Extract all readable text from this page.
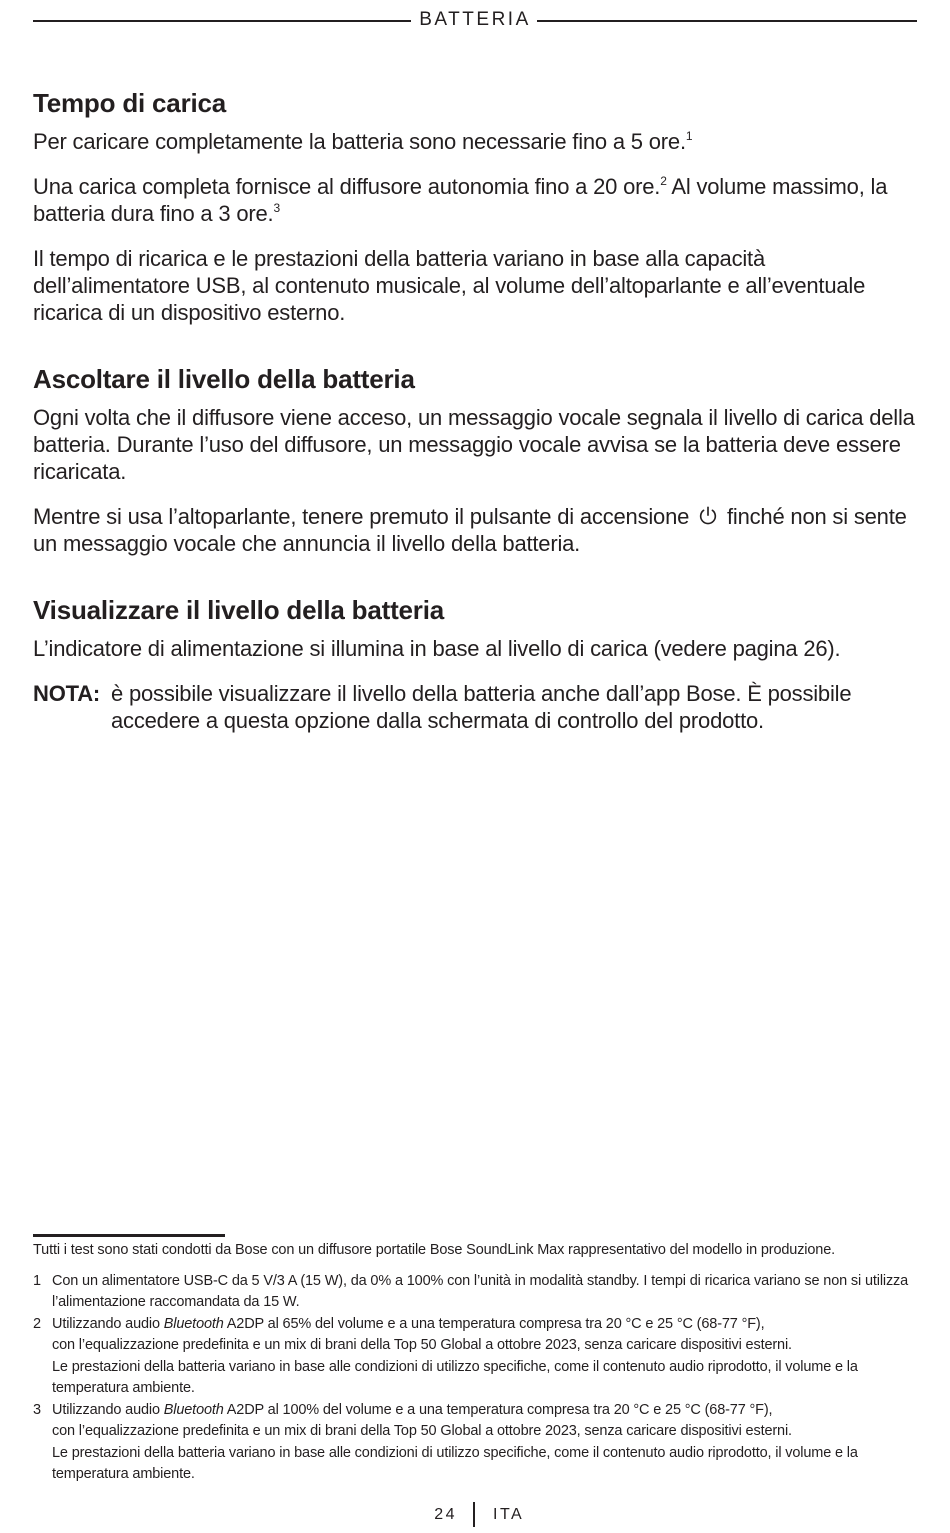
BATTERIA
Tempo di carica

Per caricare completamente la batteria sono necessarie fino a 5 ore.$^1$

Una carica completa fornisce al diffusore autonomia fino a 20 ore.$^2$ Al volume massimo, la batteria dura fino a 3 ore.$^3$

Il tempo di ricarica e le prestazioni della batteria variano in base alla capacità dell’alimentatore USB, al contenuto musicale, al volume dell’altoparlante e all’eventuale ricarica di un dispositivo esterno.

Ascoltare il livello della batteria

Ogni volta che il diffusore viene acceso, un messaggio vocale segnala il livello di carica della batteria. Durante l’uso del diffusore, un messaggio vocale avvisa se la batteria deve essere ricaricata.

Mentre si usa l’altoparlante, tenere premuto il pulsante di accensione  finché non si sente un messaggio vocale che annuncia il livello della batteria.

Visualizzare il livello della batteria

L’indicatore di alimentazione si illumina in base al livello di carica (vedere pagina 26).

NOTA: è possibile visualizzare il livello della batteria anche dall’app Bose. È possibile accedere a questa opzione dalla schermata di controllo del prodotto.
Tutti i test sono stati condotti da Bose con un diffusore portatile Bose SoundLink Max rappresentativo del modello in produzione.
1 Con un alimentatore USB-C da 5 V/3 A (15 W), da 0% a 100% con l’unità in modalità standby. I tempi di ricarica variano se non si utilizza l’alimentazione raccomandata da 15 W.
2 Utilizzando audio Bluetooth A2DP al 65% del volume e a una temperatura compresa tra 20 °C e 25 °C (68-77 °F),
con l’equalizzazione predefinita e un mix di brani della Top 50 Global a ottobre 2023, senza caricare dispositivi esterni.
Le prestazioni della batteria variano in base alle condizioni di utilizzo specifiche, come il contenuto audio riprodotto, il volume e la temperatura ambiente.
3 Utilizzando audio Bluetooth A2DP al 100% del volume e a una temperatura compresa tra 20 °C e 25 °C (68-77 °F),
con l’equalizzazione predefinita e un mix di brani della Top 50 Global a ottobre 2023, senza caricare dispositivi esterni.
Le prestazioni della batteria variano in base alle condizioni di utilizzo specifiche, come il contenuto audio riprodotto, il volume e la temperatura ambiente.
24 ITA
